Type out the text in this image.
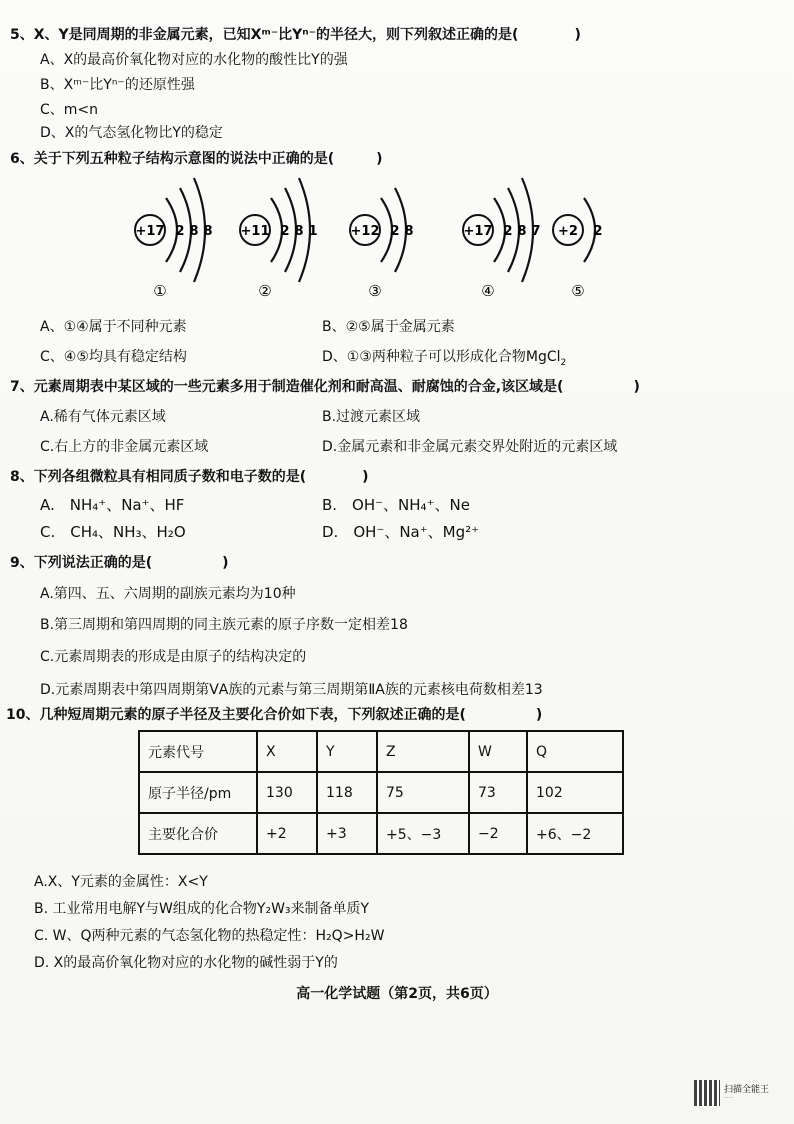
5、X、Y是同周期的非金属元素，已知Xᵐ⁻比Yⁿ⁻的半径大，则下列叙述正确的是(　　　　)
A、X的最高价氧化物对应的水化物的酸性比Y的强
B、Xᵐ⁻比Yⁿ⁻的还原性强
C、m<n
D、X的气态氢化物比Y的稳定
6、关于下列五种粒子结构示意图的说法中正确的是(　　　)
+17 2 8 8
①
+11 2 8 1
②
+12 2 8
③
+17 2 8 7
④
+2 2
⑤
A、①④属于不同种元素	B、②⑤属于金属元素
C、④⑤均具有稳定结构	D、①③两种粒子可以形成化合物MgCl$_2$
7、元素周期表中某区域的一些元素多用于制造催化剂和耐高温、耐腐蚀的合金,该区域是(　　　　　)
A.稀有气体元素区域	B.过渡元素区域
C.右上方的非金属元素区域	D.金属元素和非金属元素交界处附近的元素区域
8、下列各组微粒具有相同质子数和电子数的是(　　　　)
A.　NH₄⁺、Na⁺、HF	B.　OH⁻、NH₄⁺、Ne
C.　CH₄、NH₃、H₂O	D.　OH⁻、Na⁺、Mg²⁺
9、下列说法正确的是(　　　　　)
A.第四、五、六周期的副族元素均为10种
B.第三周期和第四周期的同主族元素的原子序数一定相差18
C.元素周期表的形成是由原子的结构决定的
D.元素周期表中第四周期第ⅤA族的元素与第三周期第ⅡA族的元素核电荷数相差13
10、几种短周期元素的原子半径及主要化合价如下表，下列叙述正确的是(　　　　　)
元素代号	X	Y	Z	W	Q
原子半径/pm	130	118	75	73	102
主要化合价	+2	+3	+5、−3	−2	+6、−2
A.X、Y元素的金属性：X<Y
B. 工业常用电解Y与W组成的化合物Y₂W₃来制备单质Y
C. W、Q两种元素的气态氢化物的热稳定性：H₂Q>H₂W
D. X的最高价氧化物对应的水化物的碱性弱于Y的
高一化学试题（第2页，共6页）
扫描全能王
······
